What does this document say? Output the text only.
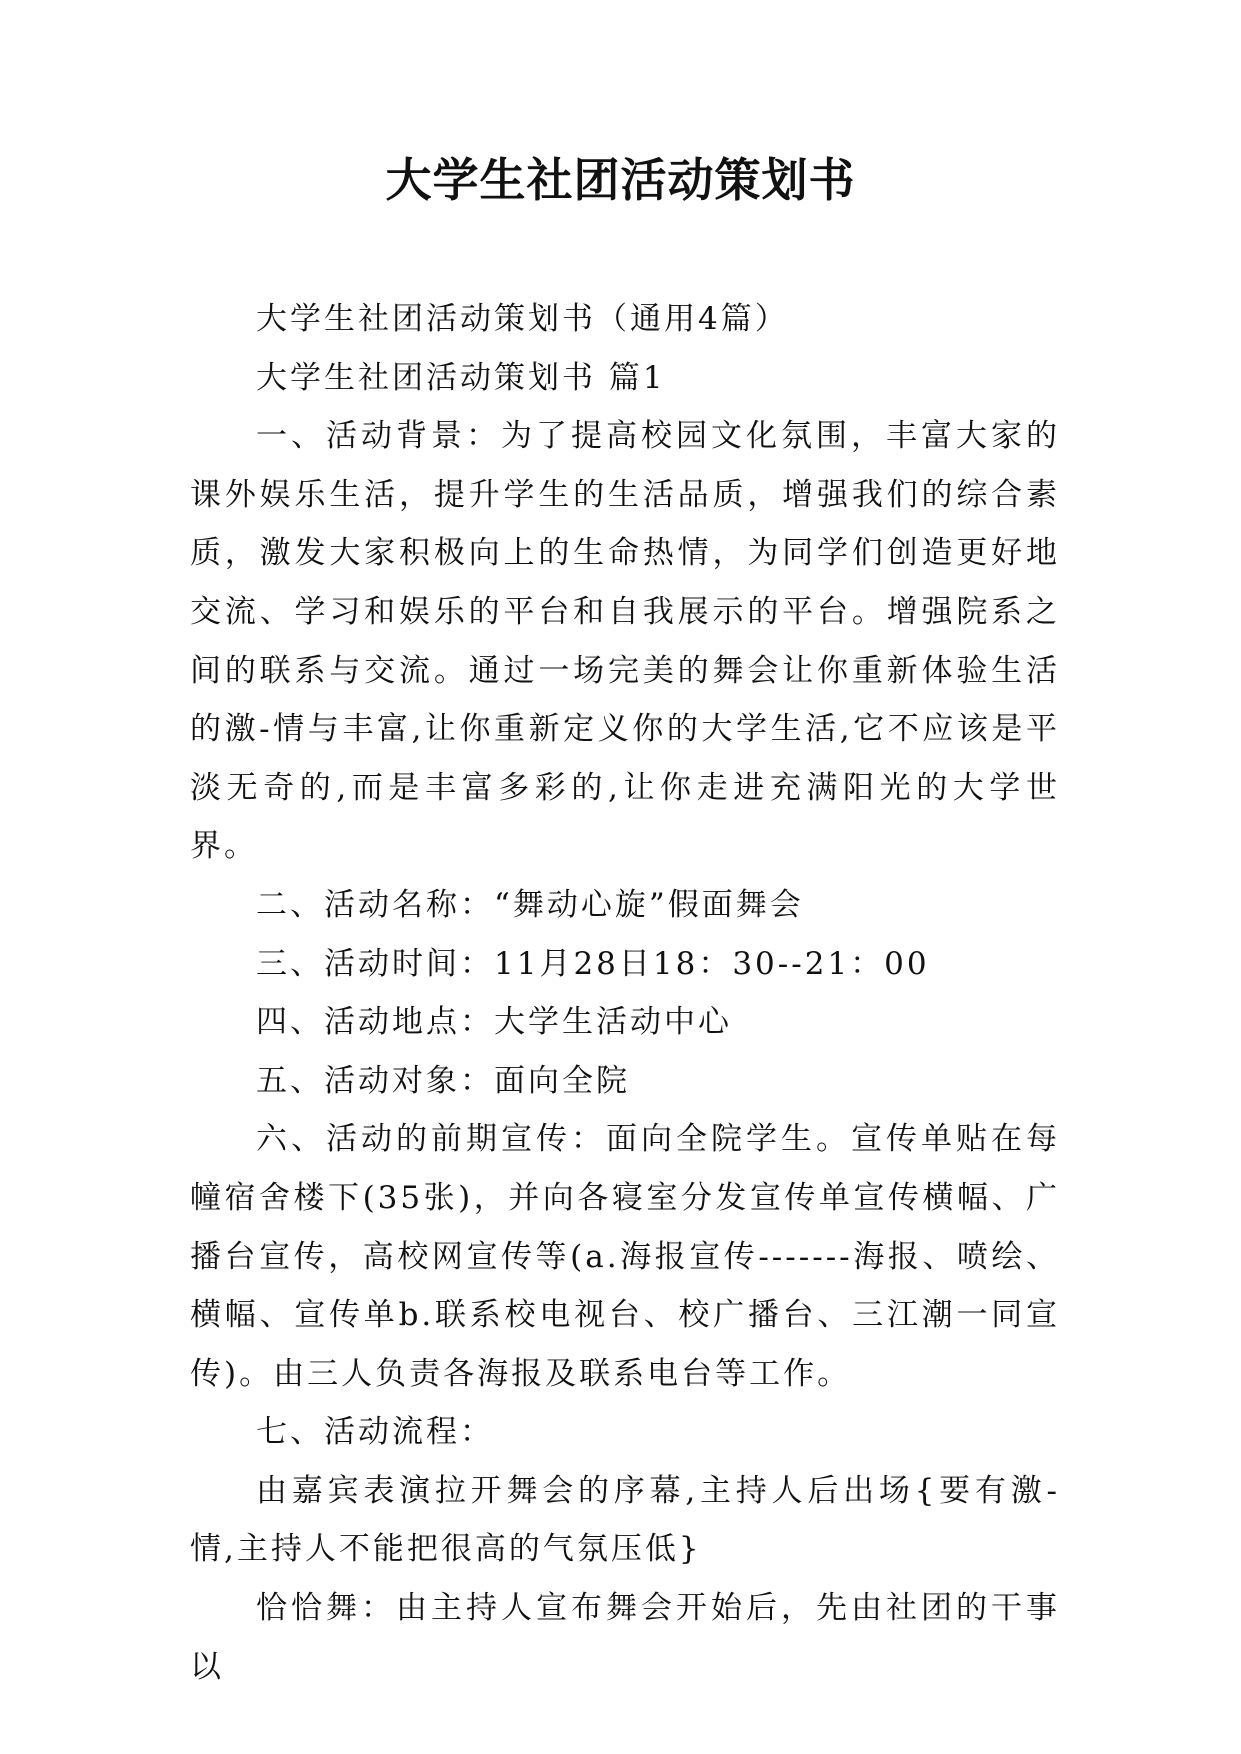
大学生社团活动策划书

大学生社团活动策划书（通用4篇）

大学生社团活动策划书 篇1

一、活动背景：为了提高校园文化氛围，丰富大家的课外娱乐生活，提升学生的生活品质，增强我们的综合素质，激发大家积极向上的生命热情，为同学们创造更好地交流、学习和娱乐的平台和自我展示的平台。增强院系之间的联系与交流。通过一场完美的舞会让你重新体验生活的激-情与丰富,让你重新定义你的大学生活,它不应该是平淡无奇的,而是丰富多彩的,让你走进充满阳光的大学世界。

二、活动名称：“舞动心旋”假面舞会

三、活动时间：11月28日18：30--21：00

四、活动地点：大学生活动中心

五、活动对象：面向全院

六、活动的前期宣传：面向全院学生。宣传单贴在每幢宿舍楼下(35张)，并向各寝室分发宣传单宣传横幅、广播台宣传，高校网宣传等(a.海报宣传-------海报、喷绘、横幅、宣传单b.联系校电视台、校广播台、三江潮一同宣传)。由三人负责各海报及联系电台等工作。

七、活动流程：

由嘉宾表演拉开舞会的序幕,主持人后出场{要有激-情,主持人不能把很高的气氛压低}

恰恰舞：由主持人宣布舞会开始后，先由社团的干事以
